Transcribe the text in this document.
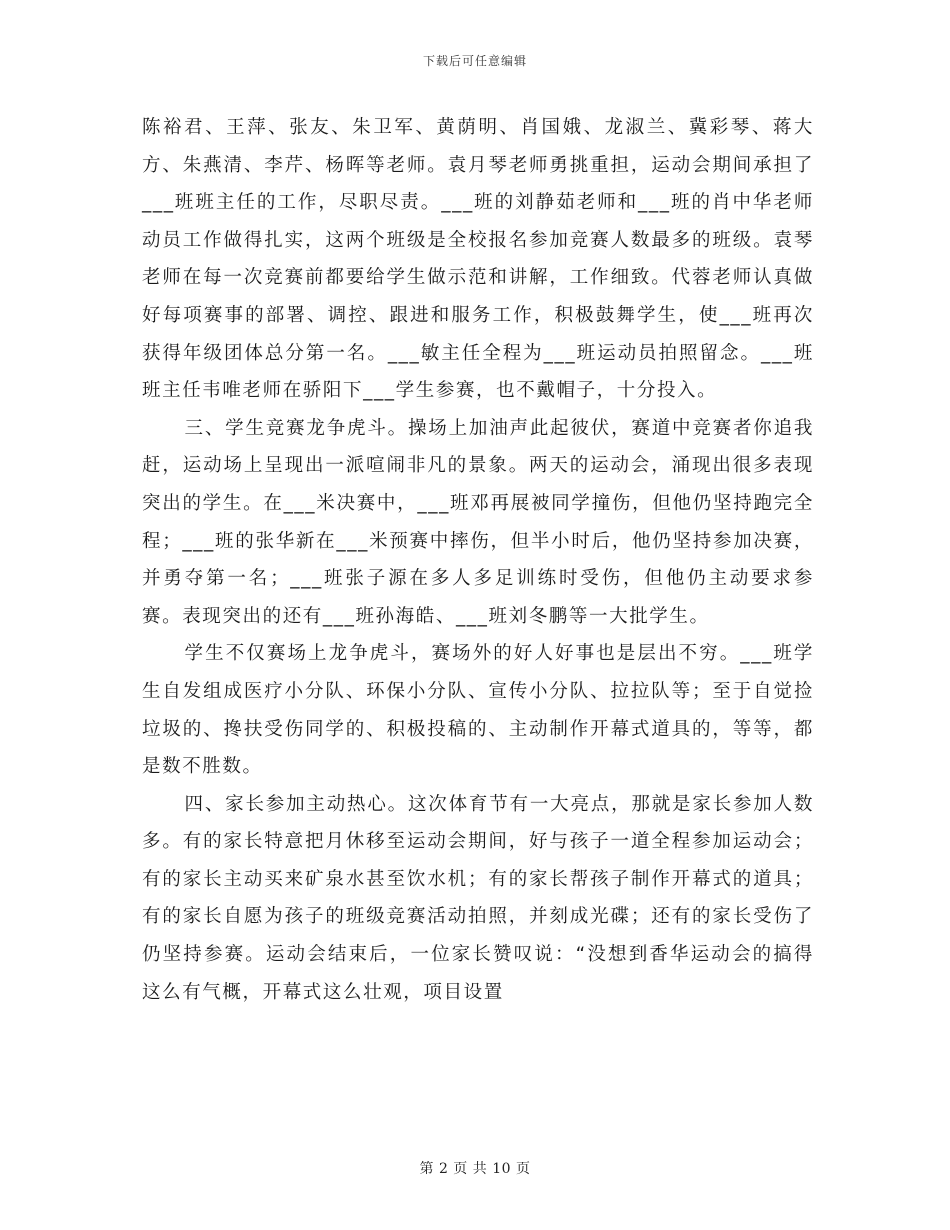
下载后可任意编辑

陈裕君、王萍、张友、朱卫军、黄荫明、肖国娥、龙淑兰、冀彩琴、蒋大方、朱燕清、李芹、杨晖等老师。袁月琴老师勇挑重担，运动会期间承担了___班班主任的工作，尽职尽责。___班的刘静茹老师和___班的肖中华老师动员工作做得扎实，这两个班级是全校报名参加竞赛人数最多的班级。袁琴老师在每一次竞赛前都要给学生做示范和讲解，工作细致。代蓉老师认真做好每项赛事的部署、调控、跟进和服务工作，积极鼓舞学生，使___班再次获得年级团体总分第一名。___敏主任全程为___班运动员拍照留念。___班班主任韦唯老师在骄阳下___学生参赛，也不戴帽子，十分投入。

三、学生竞赛龙争虎斗。操场上加油声此起彼伏，赛道中竞赛者你追我赶，运动场上呈现出一派喧闹非凡的景象。两天的运动会，涌现出很多表现突出的学生。在___米决赛中，___班邓再展被同学撞伤，但他仍坚持跑完全程；___班的张华新在___米预赛中摔伤，但半小时后，他仍坚持参加决赛，并勇夺第一名；___班张子源在多人多足训练时受伤，但他仍主动要求参赛。表现突出的还有___班孙海皓、___班刘冬鹏等一大批学生。

学生不仅赛场上龙争虎斗，赛场外的好人好事也是层出不穷。___班学生自发组成医疗小分队、环保小分队、宣传小分队、拉拉队等；至于自觉捡垃圾的、搀扶受伤同学的、积极投稿的、主动制作开幕式道具的，等等，都是数不胜数。

四、家长参加主动热心。这次体育节有一大亮点，那就是家长参加人数多。有的家长特意把月休移至运动会期间，好与孩子一道全程参加运动会；有的家长主动买来矿泉水甚至饮水机；有的家长帮孩子制作开幕式的道具；有的家长自愿为孩子的班级竞赛活动拍照，并刻成光碟；还有的家长受伤了仍坚持参赛。运动会结束后，一位家长赞叹说：“没想到香华运动会的搞得这么有气概，开幕式这么壮观，项目设置

第 2 页 共 10 页
